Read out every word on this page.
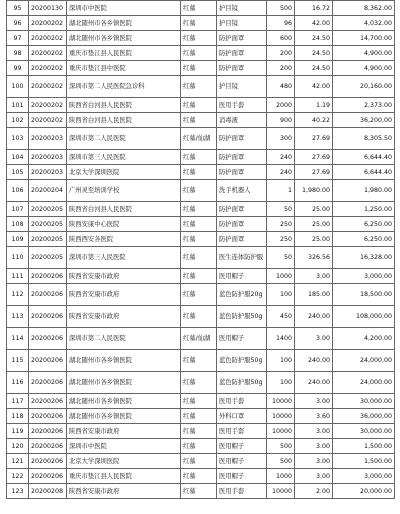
95	20200130	深圳市中医院	红慕	护目镜	500	16.72	8,362.00
96	20200202	湖北随州市各乡镇医院	红慕	护目镜	96	42.00	4,032.00
97	20200202	湖北随州市各乡镇医院	红慕	防护面罩	600	24.50	14,700.00
98	20200202	重庆市垫江县人民医院	红慕	防护面罩	200	24.50	4,900.00
99	20200202	重庆市垫江县中医院	红慕	防护面罩	200	24.50	4,900.00
100	20200202	深圳市第二人民医院急诊科	红慕	护目镜	480	42.00	20,160.00
101	20200202	陕西省白河县人民医院	红慕	医用手套	2000	1.19	2,373.00
102	20200202	陕西省白河县人民医院	红慕	消毒液	900	40.22	36,200.00
103	20200203	深圳市第二人民医院	红慕/仙湖	防护面罩	300	27.69	8,305.50
104	20200203	深圳市第三人民医院	红慕	防护面罩	240	27.69	6,644.40
105	20200203	北京大学深圳医院	红慕	防护面罩	240	27.69	6,644.40
106	20200204	广州灵至培训学校	红慕	洗手机器人	1	1,980.00	1,980.00
107	20200205	陕西省白河县人民医院	红慕	防护面罩	50	25.00	1,250.00
108	20200205	陕西安康中心医院	红慕	防护面罩	250	25.00	6,250.00
109	20200205	陕西西安各医院	红慕	防护面罩	250	25.00	6,250.00
110	20200205	深圳市第三人民医院	红慕	医生连体防护服	50	326.56	16,328.00
111	20200206	陕西省安康市政府	红慕	医用帽子	1000	3.00	3,000.00
112	20200206	陕西省安康市政府	红慕	蓝色防护服20g	100	185.00	18,500.00
113	20200206	陕西省安康市政府	红慕	蓝色防护服50g	450	240.00	108,000.00
114	20200206	深圳市第二人民医院	红慕/仙湖	医用帽子	1400	3.00	4,200.00
115	20200206	湖北随州市各乡镇医院	红慕	蓝色防护服50g	100	240.00	24,000.00
116	20200206	湖北随州市各乡镇医院	红慕	蓝色防护服50g	100	240.00	24,000.00
117	20200206	湖北随州市各乡镇医院	红慕	医用手套	10000	3.00	30,000.00
118	20200206	湖北随州市各乡镇医院	红慕	外科口罩	10000	3.60	36,000.00
119	20200206	陕西省安康市政府	红慕	医用手套	10000	3.00	30,000.00
120	20200206	深圳市中医院	红慕	医用帽子	500	3.00	1,500.00
121	20200206	北京大学深圳医院	红慕	医用帽子	500	3.00	1,500.00
122	20200206	重庆市垫江县人民医院	红慕	医用帽子	1000	3.00	3,000.00
123	20200208	陕西省安康市政府	红慕	医用手套	10000	2.00	20,000.00
